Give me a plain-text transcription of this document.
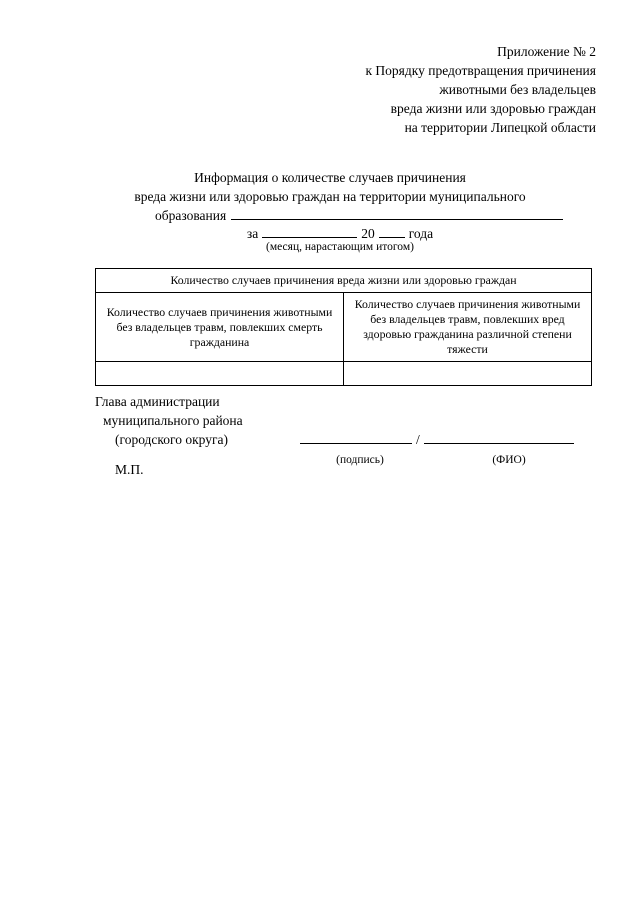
Приложение № 2
к Порядку предотвращения причинения
животными без владельцев
вреда жизни или здоровью граждан
на территории Липецкой области
Информация о количестве случаев причинения
вреда жизни или здоровью граждан на территории муниципального
образования
за	20	года
(месяц, нарастающим итогом)
Количество случаев причинения вреда жизни или здоровью граждан	
Количество случаев причинения животными без владельцев травм, повлекших смерть гражданина	Количество случаев причинения животными без владельцев травм, повлекших вред здоровью гражданина различной степени тяжести

Глава администрации
муниципального района
(городского округа)
М.П.
/
(подпись)	(ФИО)
